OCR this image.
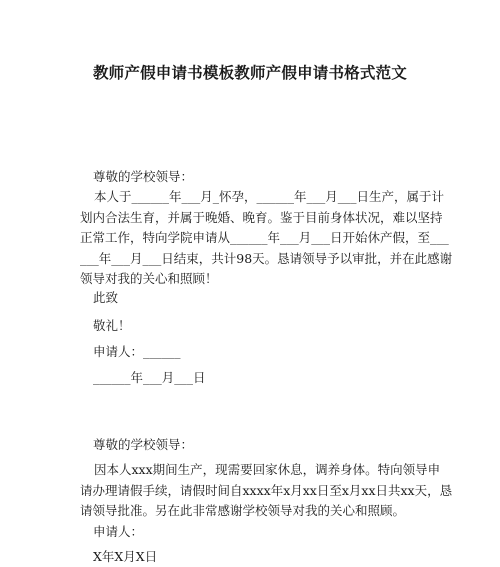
教师产假申请书模板教师产假申请书格式范文

尊敬的学校领导：

本人于______年___月_怀孕，______年___月___日生产，属于计
划内合法生育，并属于晚婚、晚育。鉴于目前身体状况，难以坚持
正常工作，特向学院申请从______年___月___日开始休产假，至___
___年___月___日结束，共计98天。恳请领导予以审批，并在此感谢
领导对我的关心和照顾！

此致

敬礼！

申请人：______

______年___月___日

尊敬的学校领导：

因本人xxx期间生产，现需要回家休息，调养身体。特向领导申
请办理请假手续，请假时间自xxxx年x月xx日至x月xx日共xx天，恳
请领导批准。另在此非常感谢学校领导对我的关心和照顾。

申请人：

X年X月X日
